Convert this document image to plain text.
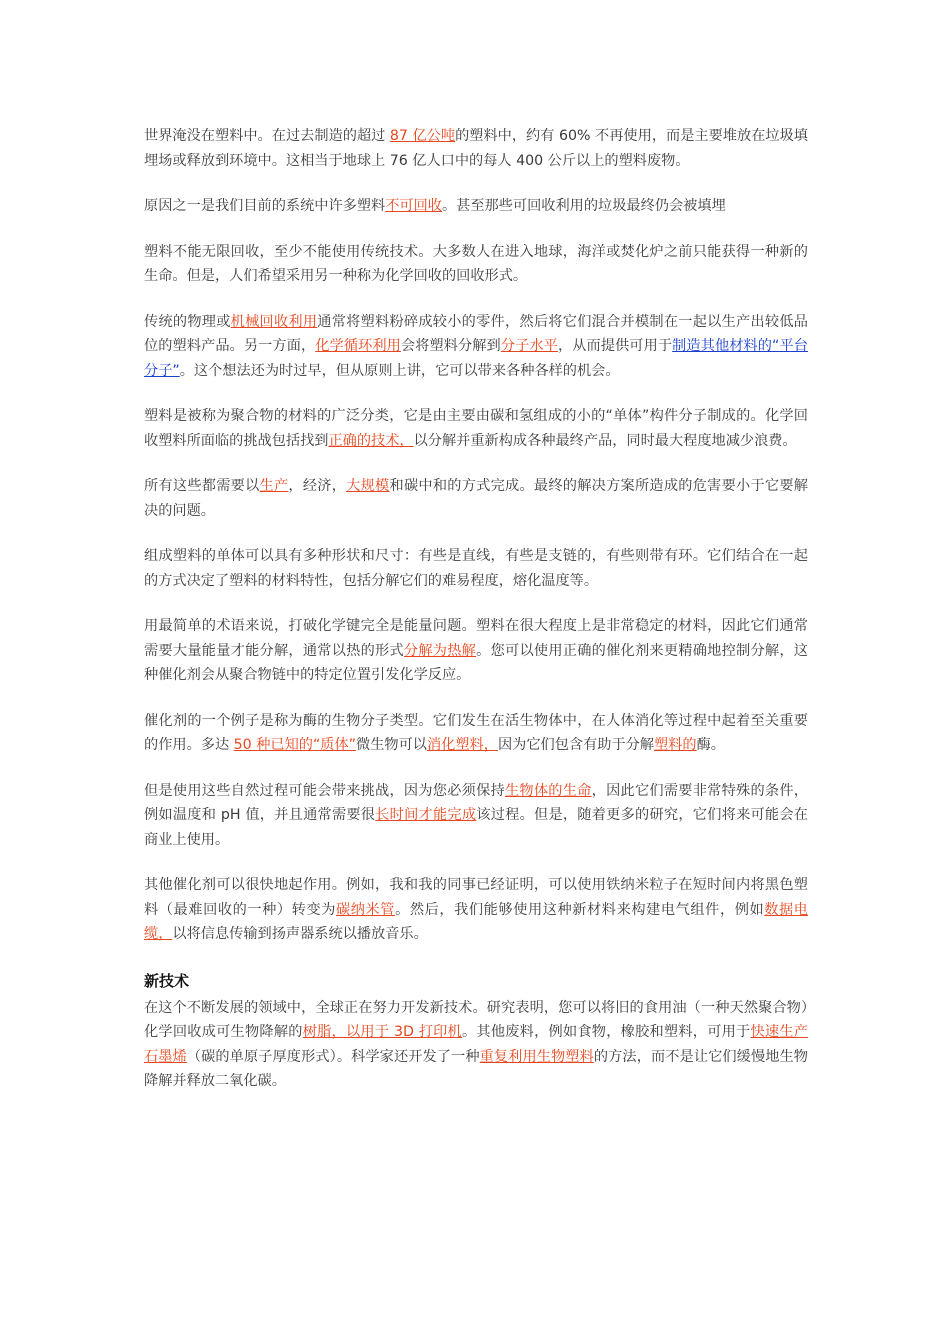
世界淹没在塑料中。在过去制造的超过 87 亿公吨的塑料中，约有 60% 不再使用，而是主要堆放在垃圾填埋场或释放到环境中。这相当于地球上 76 亿人口中的每人 400 公斤以上的塑料废物。

原因之一是我们目前的系统中许多塑料不可回收。甚至那些可回收利用的垃圾最终仍会被填埋

塑料不能无限回收，至少不能使用传统技术。大多数人在进入地球，海洋或焚化炉之前只能获得一种新的生命。但是，人们希望采用另一种称为化学回收的回收形式。

传统的物理或机械回收利用通常将塑料粉碎成较小的零件，然后将它们混合并模制在一起以生产出较低品位的塑料产品。另一方面，化学循环利用会将塑料分解到分子水平，从而提供可用于制造其他材料的“平台分子”。这个想法还为时过早，但从原则上讲，它可以带来各种各样的机会。

塑料是被称为聚合物的材料的广泛分类，它是由主要由碳和氢组成的小的“单体”构件分子制成的。化学回收塑料所面临的挑战包括找到正确的技术，以分解并重新构成各种最终产品，同时最大程度地减少浪费。

所有这些都需要以生产，经济，大规模和碳中和的方式完成。最终的解决方案所造成的危害要小于它要解决的问题。

组成塑料的单体可以具有多种形状和尺寸：有些是直线，有些是支链的，有些则带有环。它们结合在一起的方式决定了塑料的材料特性，包括分解它们的难易程度，熔化温度等。

用最简单的术语来说，打破化学键完全是能量问题。塑料在很大程度上是非常稳定的材料，因此它们通常需要大量能量才能分解，通常以热的形式分解为热解。您可以使用正确的催化剂来更精确地控制分解，这种催化剂会从聚合物链中的特定位置引发化学反应。

催化剂的一个例子是称为酶的生物分子类型。它们发生在活生物体中，在人体消化等过程中起着至关重要的作用。多达 50 种已知的“质体”微生物可以消化塑料，因为它们包含有助于分解塑料的酶。

但是使用这些自然过程可能会带来挑战，因为您必须保持生物体的生命，因此它们需要非常特殊的条件，例如温度和 pH 值，并且通常需要很长时间才能完成该过程。但是，随着更多的研究，它们将来可能会在商业上使用。

其他催化剂可以很快地起作用。例如，我和我的同事已经证明，可以使用铁纳米粒子在短时间内将黑色塑料（最难回收的一种）转变为碳纳米管。然后，我们能够使用这种新材料来构建电气组件，例如数据电缆，以将信息传输到扬声器系统以播放音乐。

新技术

在这个不断发展的领域中，全球正在努力开发新技术。研究表明，您可以将旧的食用油（一种天然聚合物）化学回收成可生物降解的树脂，以用于 3D 打印机。其他废料，例如食物，橡胶和塑料，可用于快速生产石墨烯（碳的单原子厚度形式）。科学家还开发了一种重复利用生物塑料的方法，而不是让它们缓慢地生物降解并释放二氧化碳。
